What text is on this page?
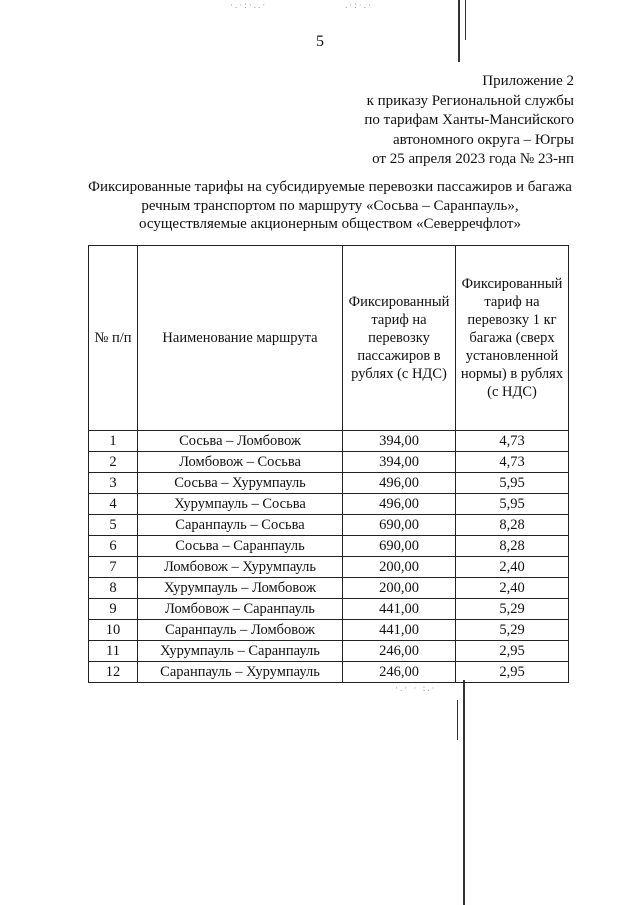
·.·:·..·	.·:·.·
·.· · :.·
5
Приложение 2
к приказу Региональной службы
по тарифам Ханты-Мансийского
автономного округа – Югры
от 25 апреля 2023 года № 23-нп
Фиксированные тарифы на субсидируемые перевозки пассажиров и багажа
речным транспортом по маршруту «Сосьва – Саранпауль»,
осуществляемые акционерным обществом «Северречфлот»
№ п/п	Наименование маршрута	Фиксированный тариф на перевозку пассажиров в рублях (с НДС)	Фиксированный тариф на перевозку 1 кг багажа (сверх установленной нормы) в рублях (с НДС)
1	Сосьва – Ломбовож	394,00	4,73
2	Ломбовож – Сосьва	394,00	4,73
3	Сосьва – Хурумпауль	496,00	5,95
4	Хурумпауль – Сосьва	496,00	5,95
5	Саранпауль – Сосьва	690,00	8,28
6	Сосьва – Саранпауль	690,00	8,28
7	Ломбовож – Хурумпауль	200,00	2,40
8	Хурумпауль – Ломбовож	200,00	2,40
9	Ломбовож – Саранпауль	441,00	5,29
10	Саранпауль – Ломбовож	441,00	5,29
11	Хурумпауль – Саранпауль	246,00	2,95
12	Саранпауль – Хурумпауль	246,00	2,95
